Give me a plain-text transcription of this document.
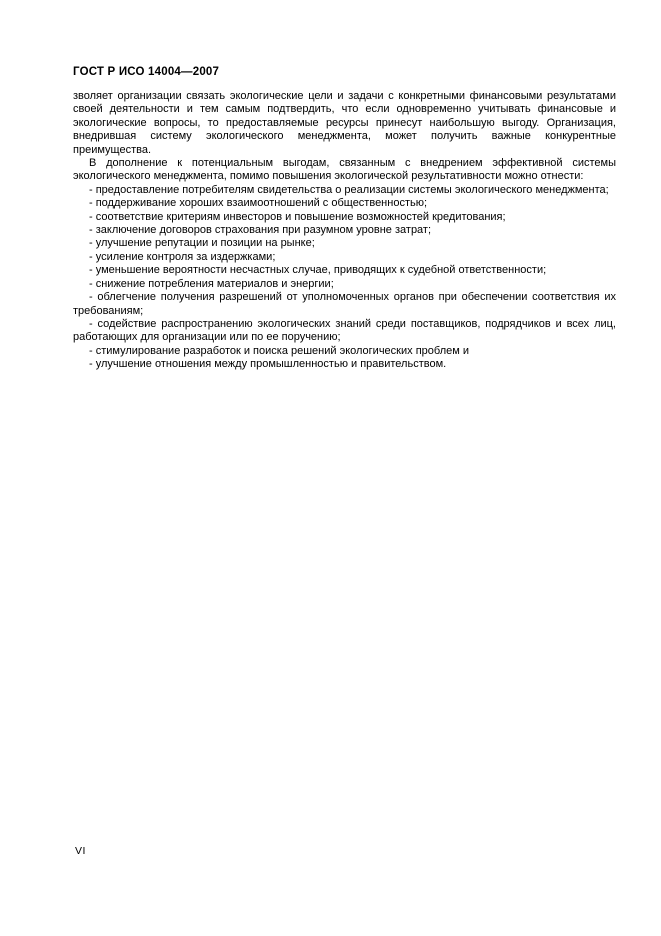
ГОСТ Р ИСО 14004—2007

зволяет организации связать экологические цели и задачи с конкретными финансовыми результатами своей деятельности и тем самым подтвердить, что если одновременно учитывать финансовые и экологические вопросы, то предоставляемые ресурсы принесут наибольшую выгоду. Организация, внедрившая систему экологического менеджмента, может получить важные конкурентные преимущества.

В дополнение к потенциальным выгодам, связанным с внедрением эффективной системы экологического менеджмента, помимо повышения экологической результативности можно отнести:

- предоставление потребителям свидетельства о реализации системы экологического менеджмента;

- поддерживание хороших взаимоотношений с общественностью;

- соответствие критериям инвесторов и повышение возможностей кредитования;

- заключение договоров страхования при разумном уровне затрат;

- улучшение репутации и позиции на рынке;

- усиление контроля за издержками;

- уменьшение вероятности несчастных случае, приводящих к судебной ответственности;

- снижение потребления материалов и энергии;

- облегчение получения разрешений от уполномоченных органов при обеспечении соответствия их требованиям;

- содействие распространению экологических знаний среди поставщиков, подрядчиков и всех лиц, работающих для организации или по ее поручению;

- стимулирование разработок и поиска решений экологических проблем и

- улучшение отношения между промышленностью и правительством.

VI
